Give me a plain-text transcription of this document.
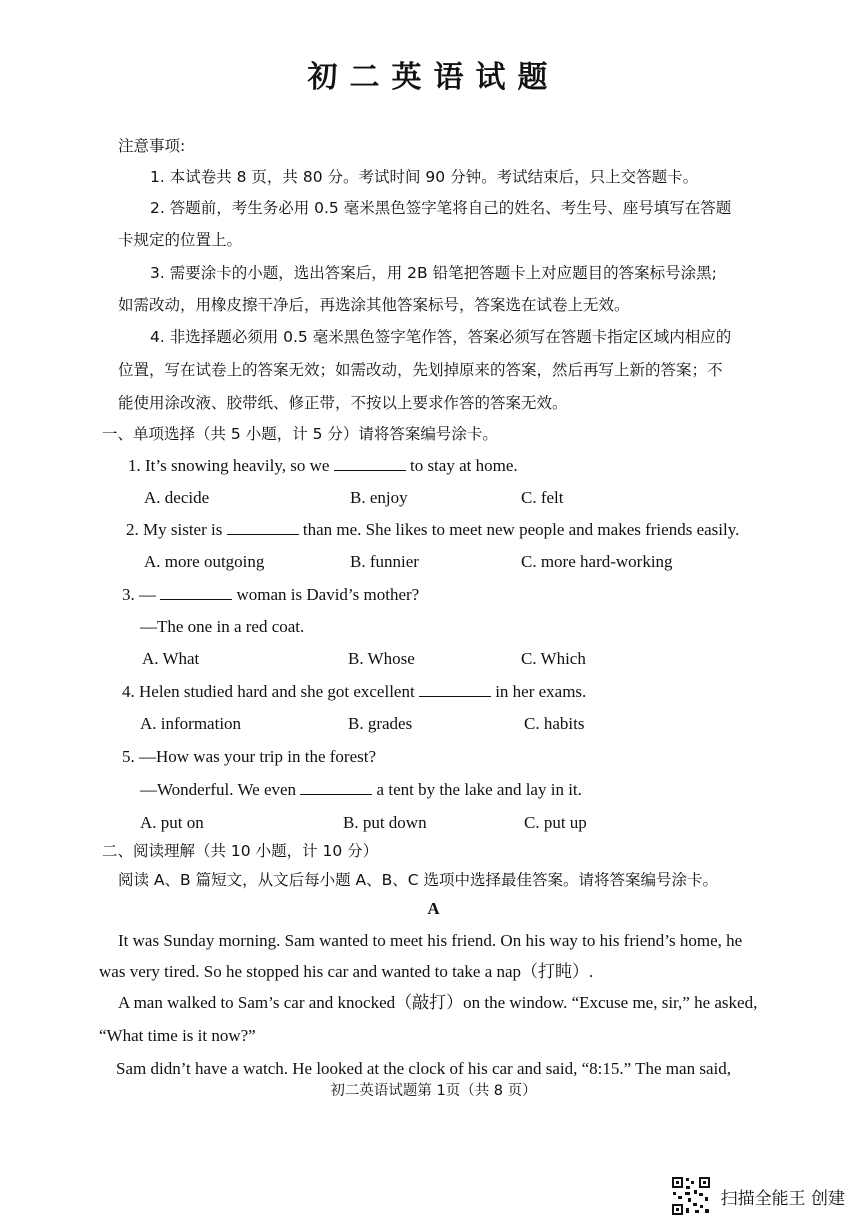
初二英语试题
注意事项:
1. 本试卷共 8 页，共 80 分。考试时间 90 分钟。考试结束后，只上交答题卡。
2. 答题前，考生务必用 0.5 毫米黑色签字笔将自己的姓名、考生号、座号填写在答题
卡规定的位置上。
3. 需要涂卡的小题，选出答案后，用 2B 铅笔把答题卡上对应题目的答案标号涂黑;
如需改动，用橡皮擦干净后，再选涂其他答案标号，答案选在试卷上无效。
4. 非选择题必须用 0.5 毫米黑色签字笔作答，答案必须写在答题卡指定区域内相应的
位置，写在试卷上的答案无效；如需改动，先划掉原来的答案，然后再写上新的答案；不
能使用涂改液、胶带纸、修正带，不按以上要求作答的答案无效。
一、单项选择（共 5 小题，计 5 分）请将答案编号涂卡。
1. It’s snowing heavily, so we	to stay at home.
A. decide	B. enjoy	C. felt
2. My sister is	than me. She likes to meet new people and makes friends easily.
A. more outgoing	B. funnier	C. more hard-working
3. —	woman is David’s mother?
—The one in a red coat.
A. What	B. Whose	C. Which
4. Helen studied hard and she got excellent	in her exams.
A. information	B. grades	C. habits
5. —How was your trip in the forest?
—Wonderful. We even	a tent by the lake and lay in it.
A. put on	B. put down	C. put up
二、阅读理解（共 10 小题，计 10 分）
阅读 A、B 篇短文，从文后每小题 A、B、C 选项中选择最佳答案。请将答案编号涂卡。
A
It was Sunday morning. Sam wanted to meet his friend. On his way to his friend’s home, he
was very tired. So he stopped his car and wanted to take a nap（打盹）.
A man walked to Sam’s car and knocked（敲打）on the window. “Excuse me, sir,” he asked,
“What time is it now?”
Sam didn’t have a watch. He looked at the clock of his car and said, “8:15.” The man said,
初二英语试题第 1页（共 8 页）
扫描全能王 创建
